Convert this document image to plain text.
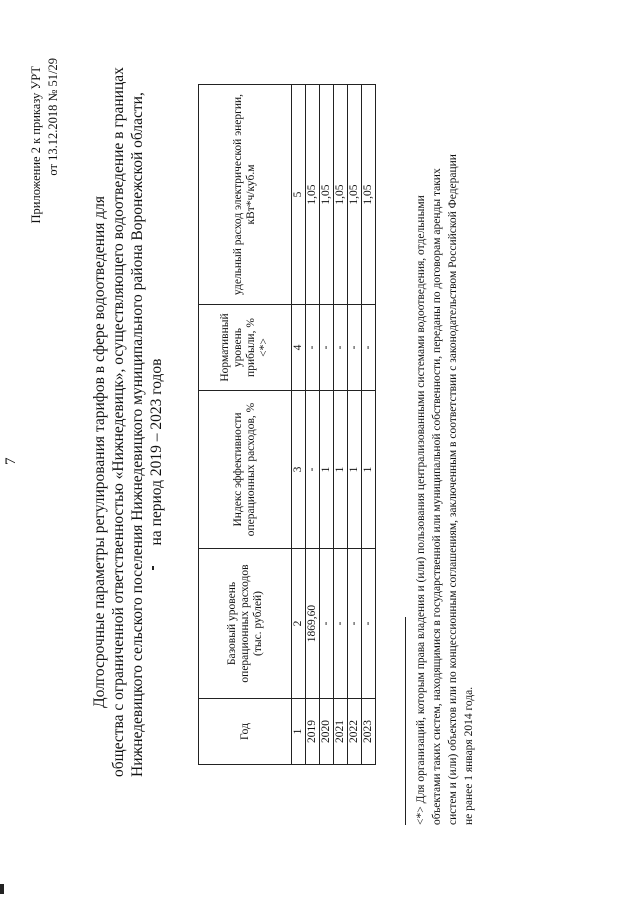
7
Приложение 2 к приказу УРТ от 13.12.2018 № 51/29
Долгосрочные параметры регулирования тарифов в сфере водоотведения для общества с ограниченной ответственностью «Нижнедевицк», осуществляющего водоотведение в границах Нижнедевицкого сельского поселения Нижнедевицкого муниципального района Воронежской области, на период 2019 – 2023 годов
Год	Базовый уровень операционных расходов (тыс. рублей)	Индекс эффективности операционных расходов, %	Нормативный уровень прибыли, % <*>	удельный расход электрической энергии, кВт*ч/куб.м
1	2	3	4	5
2019	1869,60	-	-	1,05
2020	-	1	-	1,05
2021	-	1	-	1,05
2022	-	1	-	1,05
2023	-	1	-	1,05
<*> Для организаций, которым права владения и (или) пользования централизованными системами водоотведения, отдельными объектами таких систем, находящимися в государственной или муниципальной собственности, переданы по договорам аренды таких систем и (или) объектов или по концессионным соглашениям, заключенным в соответствии с законодательством Российской Федерации не ранее 1 января 2014 года.
